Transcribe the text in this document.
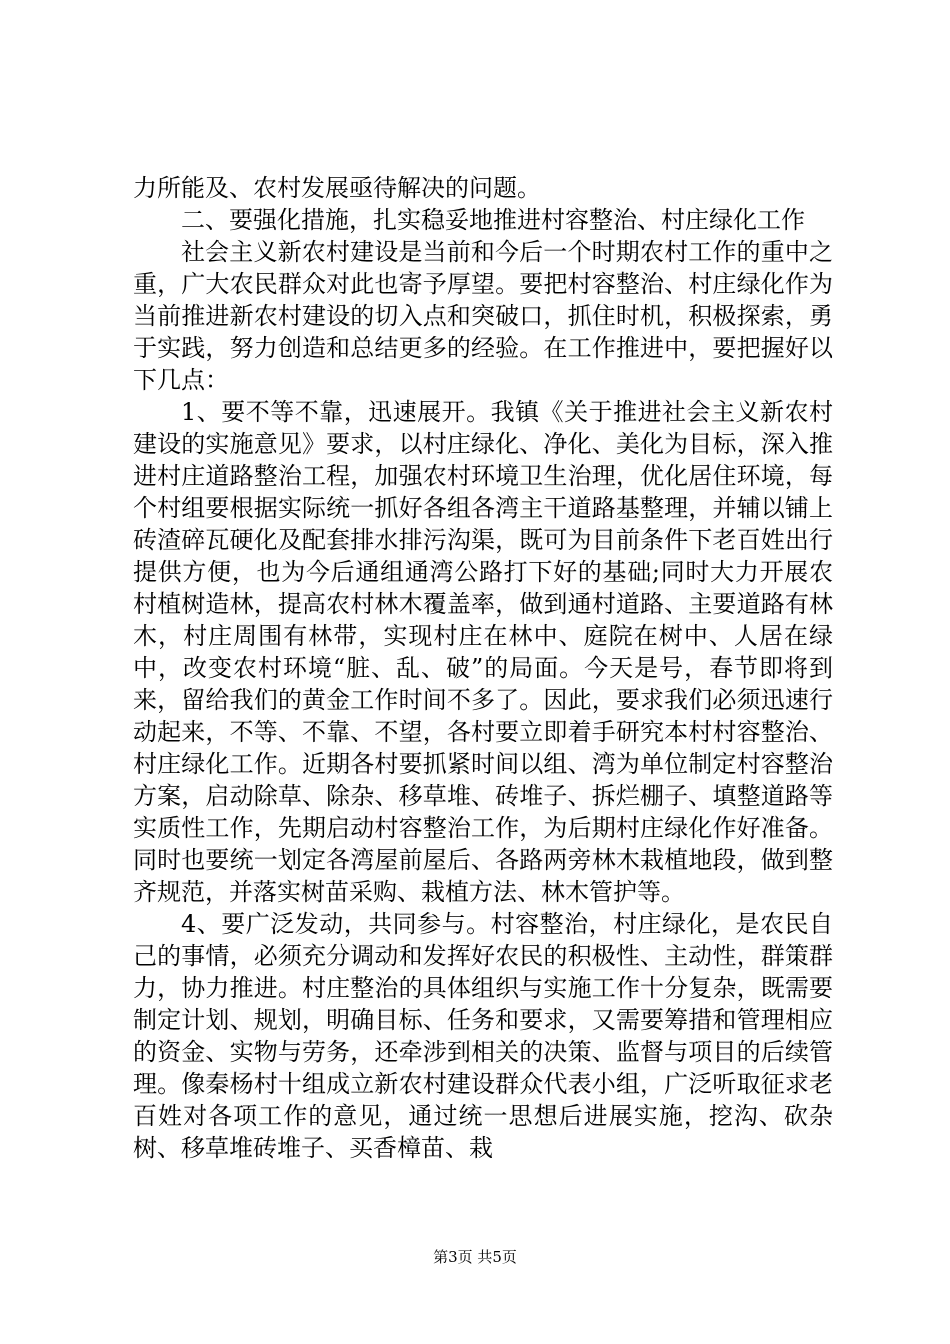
力所能及、农村发展亟待解决的问题。

二、要强化措施，扎实稳妥地推进村容整治、村庄绿化工作

社会主义新农村建设是当前和今后一个时期农村工作的重中之重，广大农民群众对此也寄予厚望。要把村容整治、村庄绿化作为当前推进新农村建设的切入点和突破口，抓住时机，积极探索，勇于实践，努力创造和总结更多的经验。在工作推进中，要把握好以下几点：

1、要不等不靠，迅速展开。我镇《关于推进社会主义新农村建设的实施意见》要求，以村庄绿化、净化、美化为目标，深入推进村庄道路整治工程，加强农村环境卫生治理，优化居住环境，每个村组要根据实际统一抓好各组各湾主干道路基整理，并辅以铺上砖渣碎瓦硬化及配套排水排污沟渠，既可为目前条件下老百姓出行提供方便，也为今后通组通湾公路打下好的基础;同时大力开展农村植树造林，提高农村林木覆盖率，做到通村道路、主要道路有林木，村庄周围有林带，实现村庄在林中、庭院在树中、人居在绿中，改变农村环境“脏、乱、破”的局面。今天是号，春节即将到来，留给我们的黄金工作时间不多了。因此，要求我们必须迅速行动起来，不等、不靠、不望，各村要立即着手研究本村村容整治、村庄绿化工作。近期各村要抓紧时间以组、湾为单位制定村容整治方案，启动除草、除杂、移草堆、砖堆子、拆烂棚子、填整道路等实质性工作，先期启动村容整治工作，为后期村庄绿化作好准备。同时也要统一划定各湾屋前屋后、各路两旁林木栽植地段，做到整齐规范，并落实树苗采购、栽植方法、林木管护等。

4、要广泛发动，共同参与。村容整治，村庄绿化，是农民自己的事情，必须充分调动和发挥好农民的积极性、主动性，群策群力，协力推进。村庄整治的具体组织与实施工作十分复杂，既需要制定计划、规划，明确目标、任务和要求，又需要筹措和管理相应的资金、实物与劳务，还牵涉到相关的决策、监督与项目的后续管理。像秦杨村十组成立新农村建设群众代表小组，广泛听取征求老百姓对各项工作的意见，通过统一思想后进展实施，挖沟、砍杂树、移草堆砖堆子、买香樟苗、栽

第3页 共5页
